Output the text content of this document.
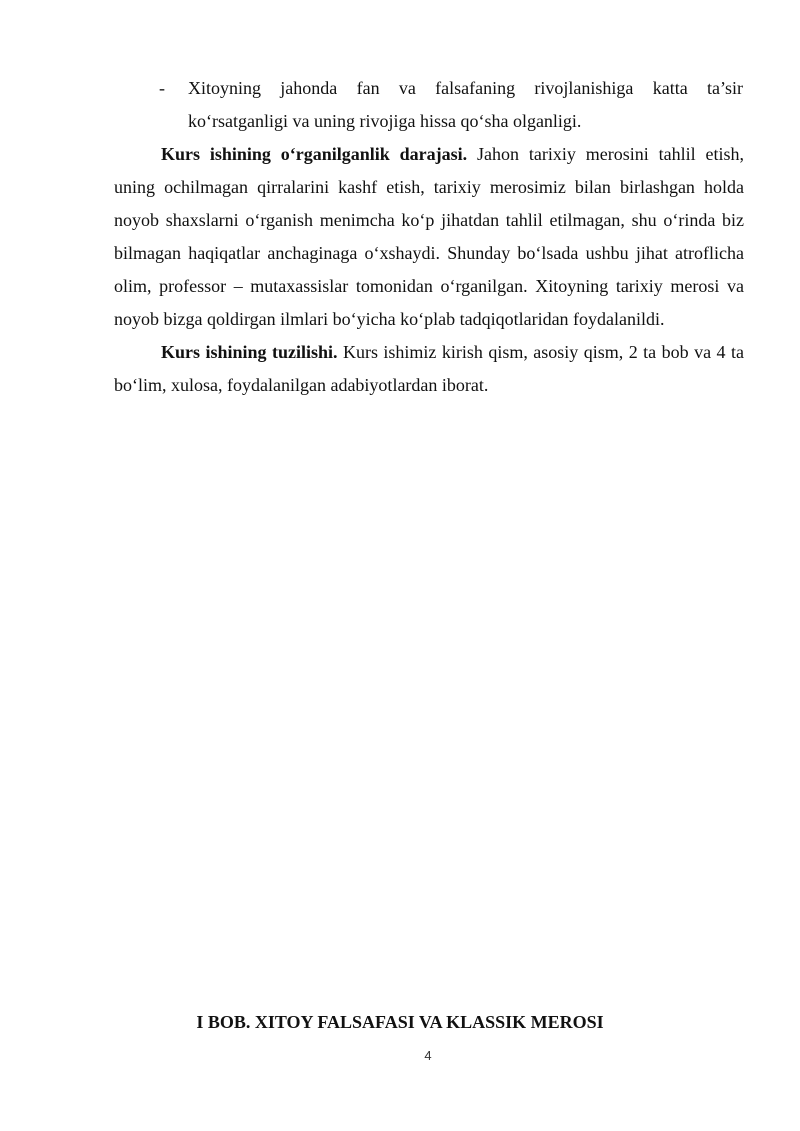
- Xitoyning jahonda fan va falsafaning rivojlanishiga katta ta’sir ko‘rsatganligi va uning rivojiga hissa qo‘sha olganligi.

Kurs ishining o‘rganilganlik darajasi. Jahon tarixiy merosini tahlil etish, uning ochilmagan qirralarini kashf etish, tarixiy merosimiz bilan birlashgan holda noyob shaxslarni o‘rganish menimcha ko‘p jihatdan tahlil etilmagan, shu o‘rinda biz bilmagan haqiqatlar anchaginaga o‘xshaydi. Shunday bo‘lsada ushbu jihat atroflicha olim, professor – mutaxassislar tomonidan o‘rganilgan. Xitoyning tarixiy merosi va noyob bizga qoldirgan ilmlari bo‘yicha ko‘plab tadqiqotlaridan foydalanildi.

Kurs ishining tuzilishi. Kurs ishimiz kirish qism, asosiy qism, 2 ta bob va 4 ta bo‘lim, xulosa, foydalanilgan adabiyotlardan iborat.

I BOB. XITOY FALSAFASI VA KLASSIK MEROSI
4
